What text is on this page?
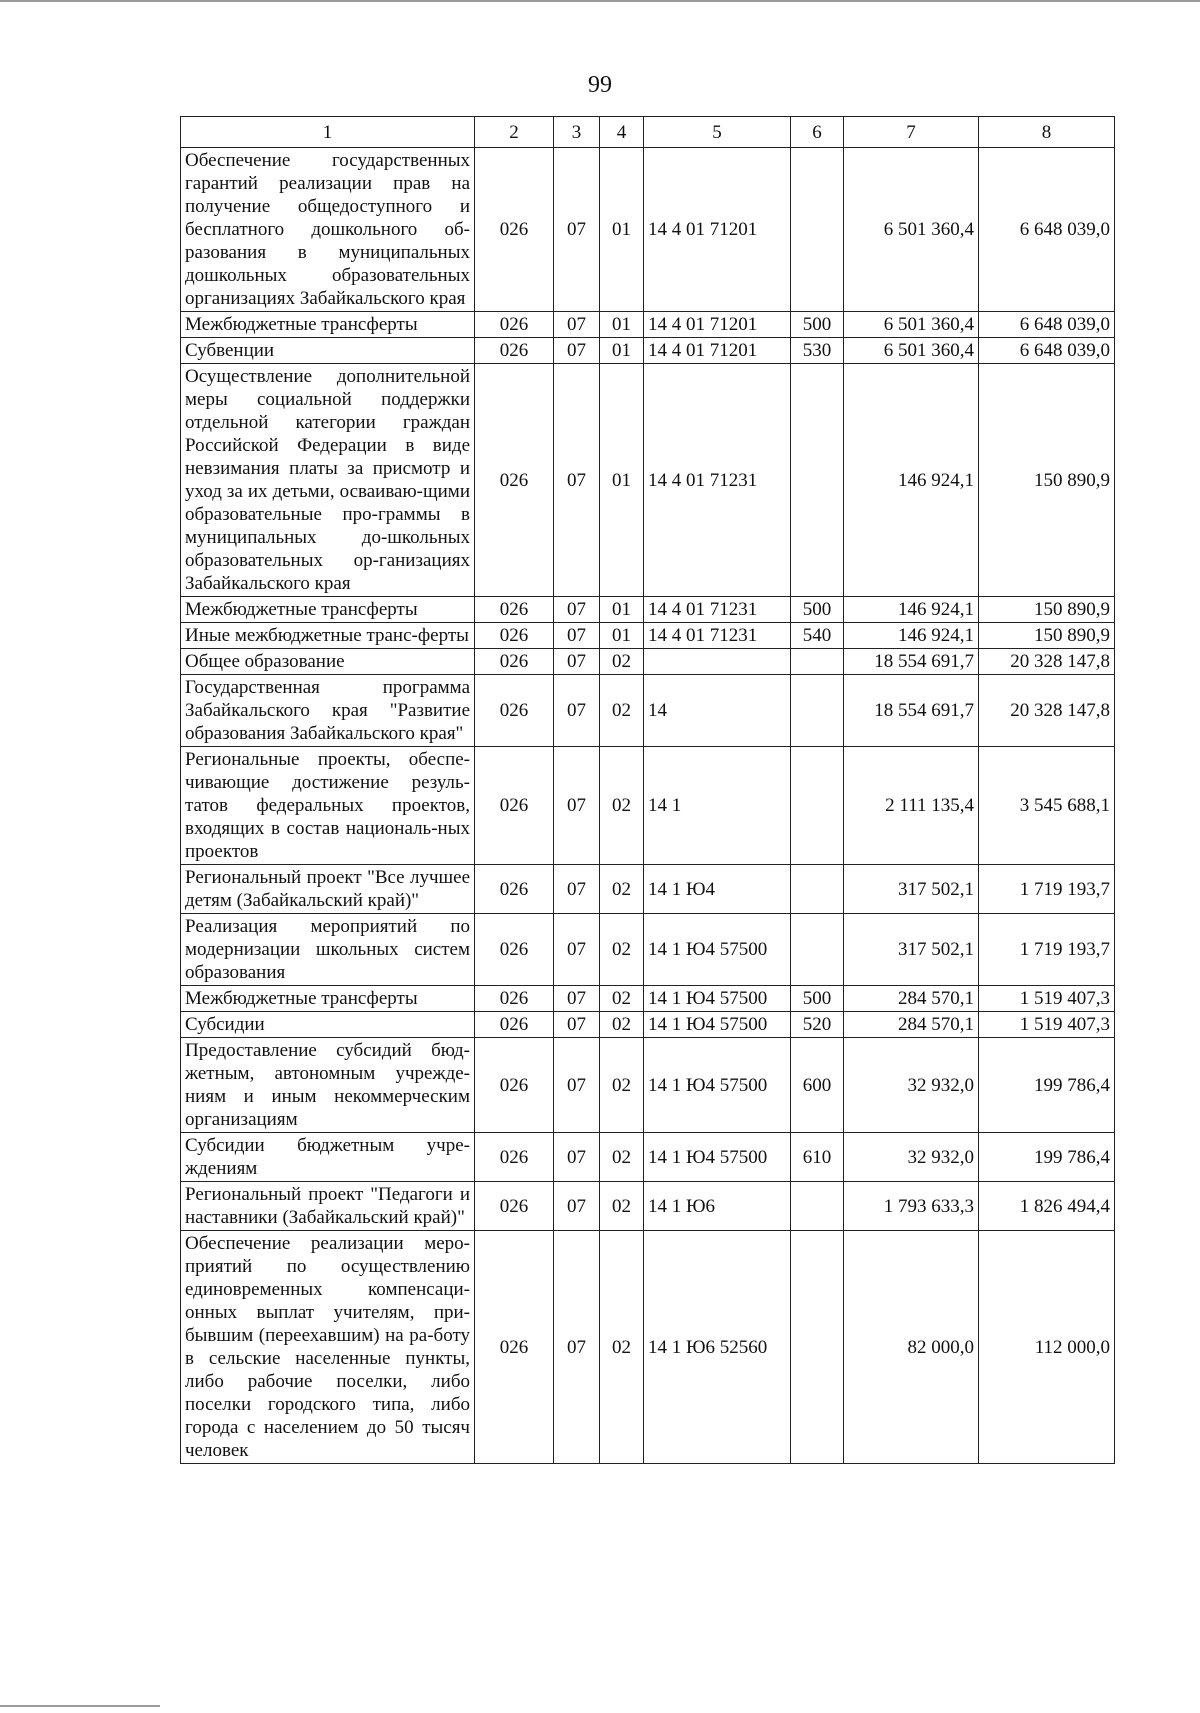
99
1	2	3	4	5	6	7	8
Обеспечение государственных гарантий реализации прав на получение общедоступного и бесплатного дошкольного об-разования в муниципальных дошкольных образовательных организациях Забайкальского края	026	07	01	14 4 01 71201		6 501 360,4	6 648 039,0
Межбюджетные трансферты	026	07	01	14 4 01 71201	500	6 501 360,4	6 648 039,0
Субвенции	026	07	01	14 4 01 71201	530	6 501 360,4	6 648 039,0
Осуществление дополнительной меры социальной поддержки отдельной категории граждан Российской Федерации в виде невзимания платы за присмотр и уход за их детьми, осваиваю-щими образовательные про-граммы в муниципальных до-школьных образовательных ор-ганизациях Забайкальского края	026	07	01	14 4 01 71231		146 924,1	150 890,9
Межбюджетные трансферты	026	07	01	14 4 01 71231	500	146 924,1	150 890,9
Иные межбюджетные транс-ферты	026	07	01	14 4 01 71231	540	146 924,1	150 890,9
Общее образование	026	07	02			18 554 691,7	20 328 147,8
Государственная программа Забайкальского края "Развитие образования Забайкальского края"	026	07	02	14		18 554 691,7	20 328 147,8
Региональные проекты, обеспе-чивающие достижение резуль-татов федеральных проектов, входящих в состав националь-ных проектов	026	07	02	14 1		2 111 135,4	3 545 688,1
Региональный проект "Все лучшее детям (Забайкальский край)"	026	07	02	14 1 Ю4		317 502,1	1 719 193,7
Реализация мероприятий по модернизации школьных систем образования	026	07	02	14 1 Ю4 57500		317 502,1	1 719 193,7
Межбюджетные трансферты	026	07	02	14 1 Ю4 57500	500	284 570,1	1 519 407,3
Субсидии	026	07	02	14 1 Ю4 57500	520	284 570,1	1 519 407,3
Предоставление субсидий бюд-жетным, автономным учрежде-ниям и иным некоммерческим организациям	026	07	02	14 1 Ю4 57500	600	32 932,0	199 786,4
Субсидии бюджетным учре-ждениям	026	07	02	14 1 Ю4 57500	610	32 932,0	199 786,4
Региональный проект "Педагоги и наставники (Забайкальский край)"	026	07	02	14 1 Ю6		1 793 633,3	1 826 494,4
Обеспечение реализации меро-приятий по осуществлению единовременных компенсаци-онных выплат учителям, при-бывшим (переехавшим) на ра-боту в сельские населенные пункты, либо рабочие поселки, либо поселки городского типа, либо города с населением до 50 тысяч человек	026	07	02	14 1 Ю6 52560		82 000,0	112 000,0
